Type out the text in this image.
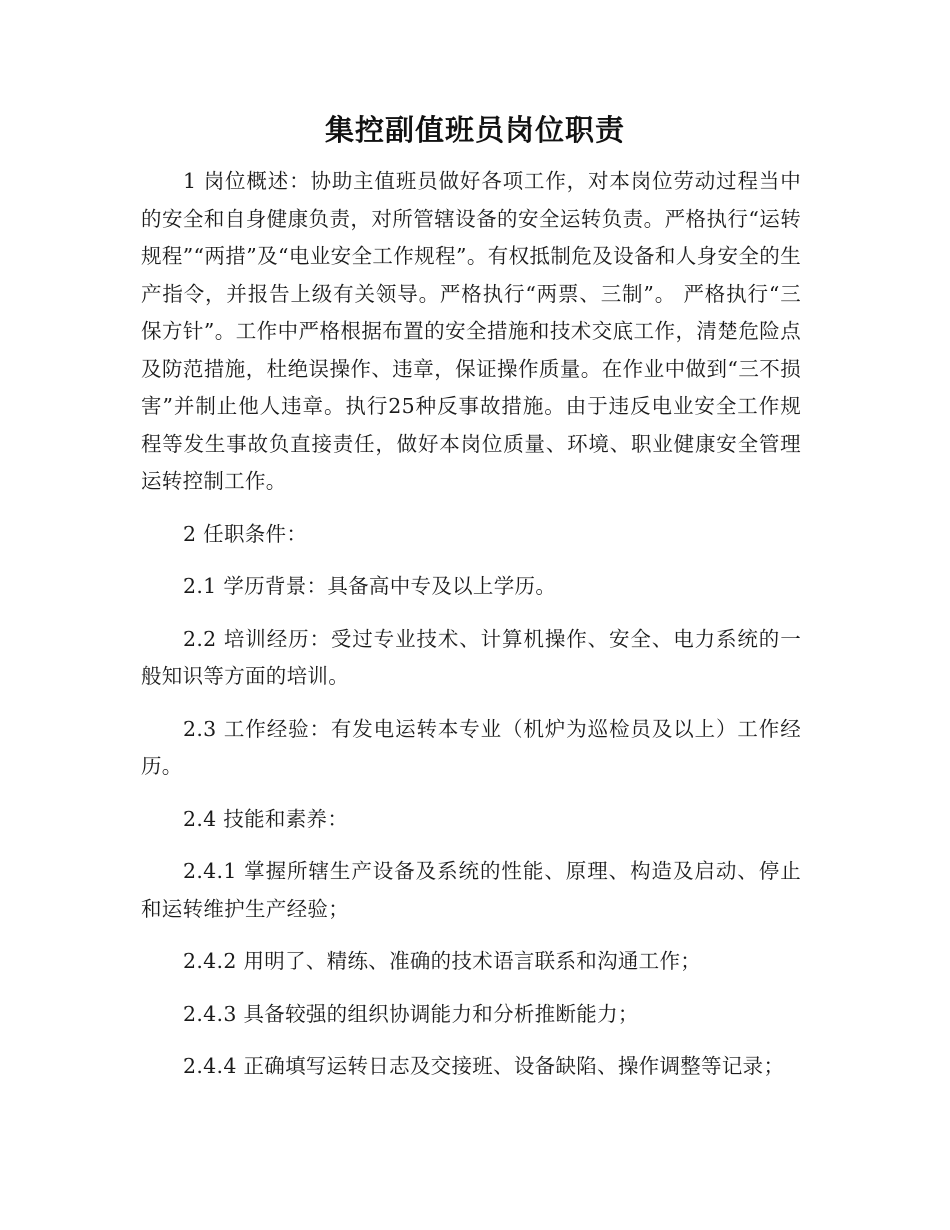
集控副值班员岗位职责

1 岗位概述：协助主值班员做好各项工作，对本岗位劳动过程当中的安全和自身健康负责，对所管辖设备的安全运转负责。严格执行“运转规程”“两措”及“电业安全工作规程”。有权抵制危及设备和人身安全的生产指令，并报告上级有关领导。严格执行“两票、三制”。 严格执行“三保方针”。工作中严格根据布置的安全措施和技术交底工作，清楚危险点及防范措施，杜绝误操作、违章，保证操作质量。在作业中做到“三不损害”并制止他人违章。执行25种反事故措施。由于违反电业安全工作规程等发生事故负直接责任，做好本岗位质量、环境、职业健康安全管理运转控制工作。

2 任职条件：

2.1 学历背景：具备高中专及以上学历。

2.2 培训经历：受过专业技术、计算机操作、安全、电力系统的一般知识等方面的培训。

2.3 工作经验：有发电运转本专业（机炉为巡检员及以上）工作经历。

2.4 技能和素养：

2.4.1 掌握所辖生产设备及系统的性能、原理、构造及启动、停止和运转维护生产经验；

2.4.2 用明了、精练、准确的技术语言联系和沟通工作；

2.4.3 具备较强的组织协调能力和分析推断能力；

2.4.4 正确填写运转日志及交接班、设备缺陷、操作调整等记录；
